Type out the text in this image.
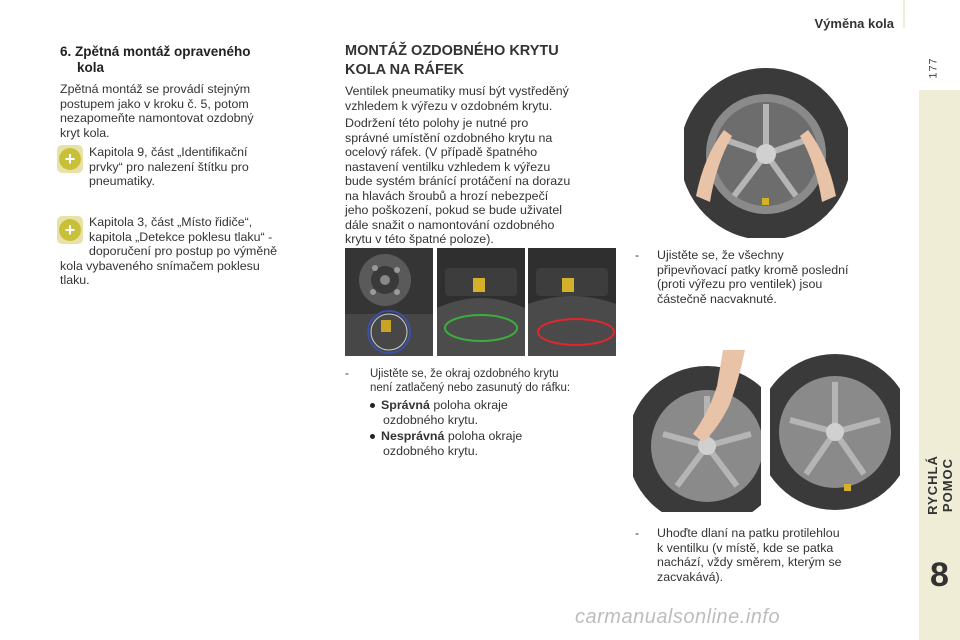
Výměna kola
177
RYCHLÁ POMOC
8
6. Zpětná montáž opraveného
kola
Zpětná montáž se provádí stejným
postupem jako v kroku č. 5, potom
nezapomeňte namontovat ozdobný
kryt kola.
+	Kapitola 9, část „Identifikační
prvky“ pro nalezení štítku pro
pneumatiky.
+	Kapitola 3, část „Místo řidiče“,
kapitola „Detekce poklesu tlaku“ -
doporučení pro postup po výměně
kola vybaveného snímačem poklesu
tlaku.
MONTÁŽ OZDOBNÉHO KRYTU
KOLA NA RÁFEK
Ventilek pneumatiky musí být vystředěný
vzhledem k výřezu v ozdobném krytu.
Dodržení této polohy je nutné pro
správné umístění ozdobného krytu na
ocelový ráfek. (V případě špatného
nastavení ventilku vzhledem k výřezu
bude systém bránící protáčení na dorazu
na hlavách šroubů a hrozí nebezpečí
jeho poškození, pokud se bude uživatel
dále snažit o namontování ozdobného
krytu v této špatné poloze).
- Ujistěte se, že okraj ozdobného krytu
není zatlačený nebo zasunutý do ráfku:
Správná poloha okraje
ozdobného krytu.
Nesprávná poloha okraje
ozdobného krytu.
- Ujistěte se, že všechny
připevňovací patky kromě poslední
(proti výřezu pro ventilek) jsou
částečně nacvaknuté.
- Uhoďte dlaní na patku protilehlou
k ventilku (v místě, kde se patka
nachází, vždy směrem, kterým se
zacvakává).
carmanualsonline.info
